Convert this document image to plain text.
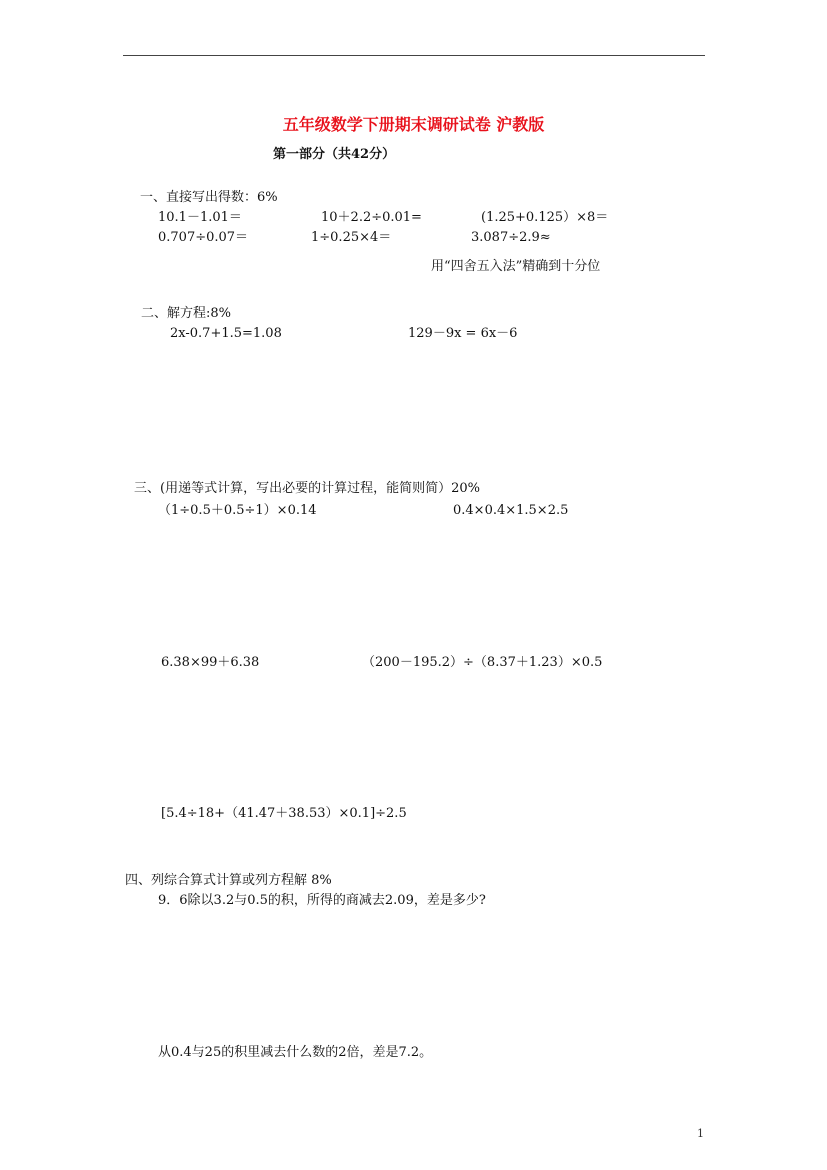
五年级数学下册期末调研试卷 沪教版
第一部分（共42分）
一、直接写出得数：6%
10.1－1.01＝	10＋2.2÷0.01=	(1.25+0.125）×8＝
0.707÷0.07＝	1÷0.25×4＝	3.087÷2.9≈
用“四舍五入法”精确到十分位
二、解方程:8%
2x-0.7+1.5=1.08	129－9x = 6x－6
三、(用递等式计算，写出必要的计算过程，能简则简）20%
（1÷0.5＋0.5÷1）×0.14	0.4×0.4×1.5×2.5
6.38×99＋6.38	（200－195.2）÷（8.37＋1.23）×0.5
[5.4÷18+（41.47＋38.53）×0.1]÷2.5
四、列综合算式计算或列方程解 8%
9．6除以3.2与0.5的积，所得的商减去2.09，差是多少?
从0.4与25的积里减去什么数的2倍，差是7.2。
1
